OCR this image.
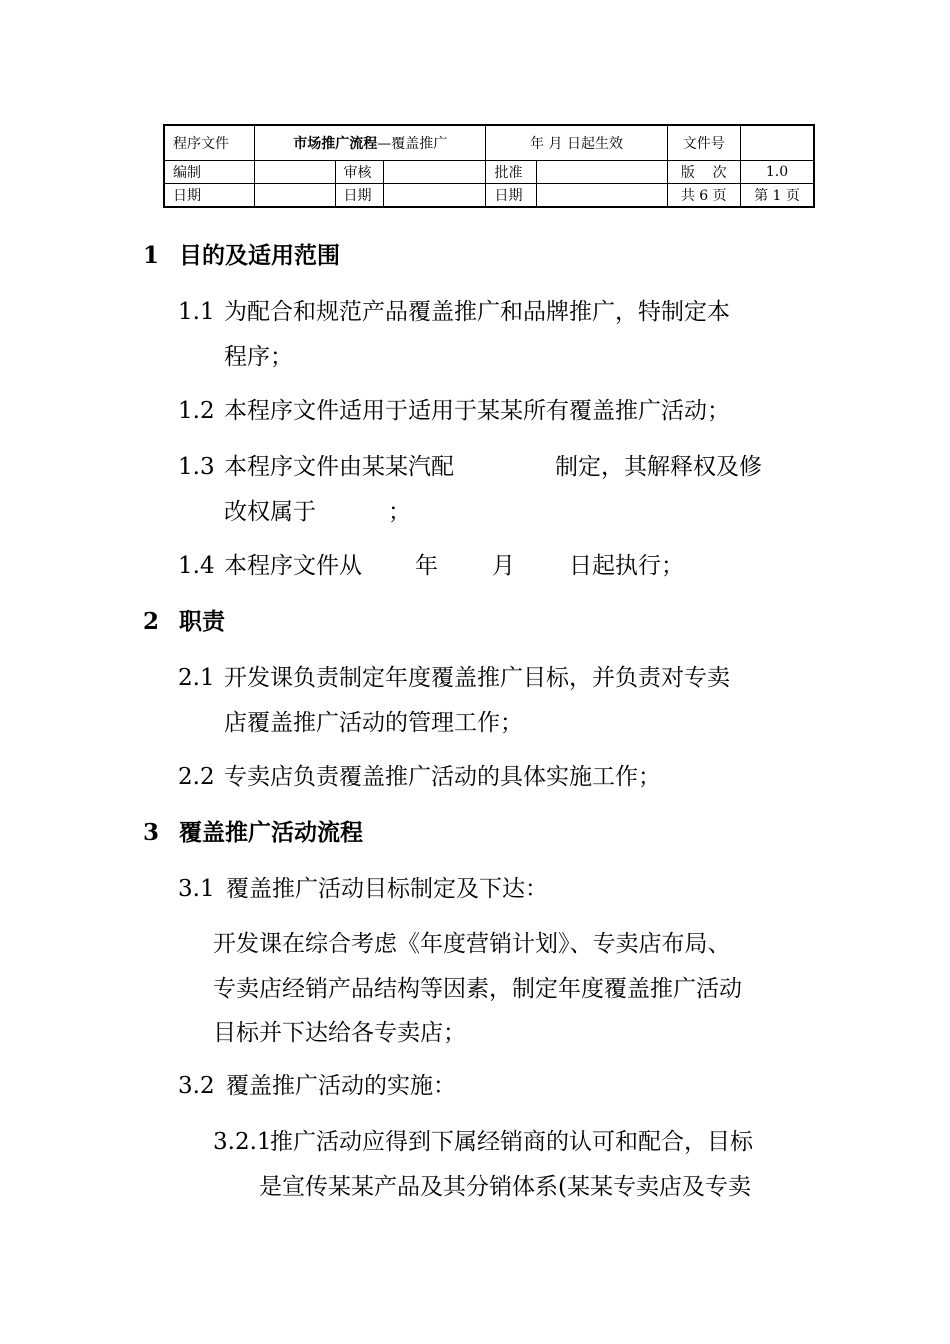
程序文件	市场推广流程—覆盖推广			年 月 日起生效		文件号	
编制		审核		批准		版    次	1.0
日期		日期		日期		共 6 页	第 1 页
1 目的及适用范围
1.1 为配合和规范产品覆盖推广和品牌推广，特制定本
程序；
1.2 本程序文件适用于适用于某某所有覆盖推广活动；
1.3 本程序文件由某某汽配	制定，其解释权及修
改权属于	；
1.4 本程序文件从 年 月 日起执行；
2 职责
2.1 开发课负责制定年度覆盖推广目标，并负责对专卖
店覆盖推广活动的管理工作；
2.2 专卖店负责覆盖推广活动的具体实施工作；
3 覆盖推广活动流程
3.1 覆盖推广活动目标制定及下达：
开发课在综合考虑《年度营销计划》、专卖店布局、
专卖店经销产品结构等因素，制定年度覆盖推广活动
目标并下达给各专卖店；
3.2 覆盖推广活动的实施：
3.2.1推广活动应得到下属经销商的认可和配合，目标
是宣传某某产品及其分销体系(某某专卖店及专卖
